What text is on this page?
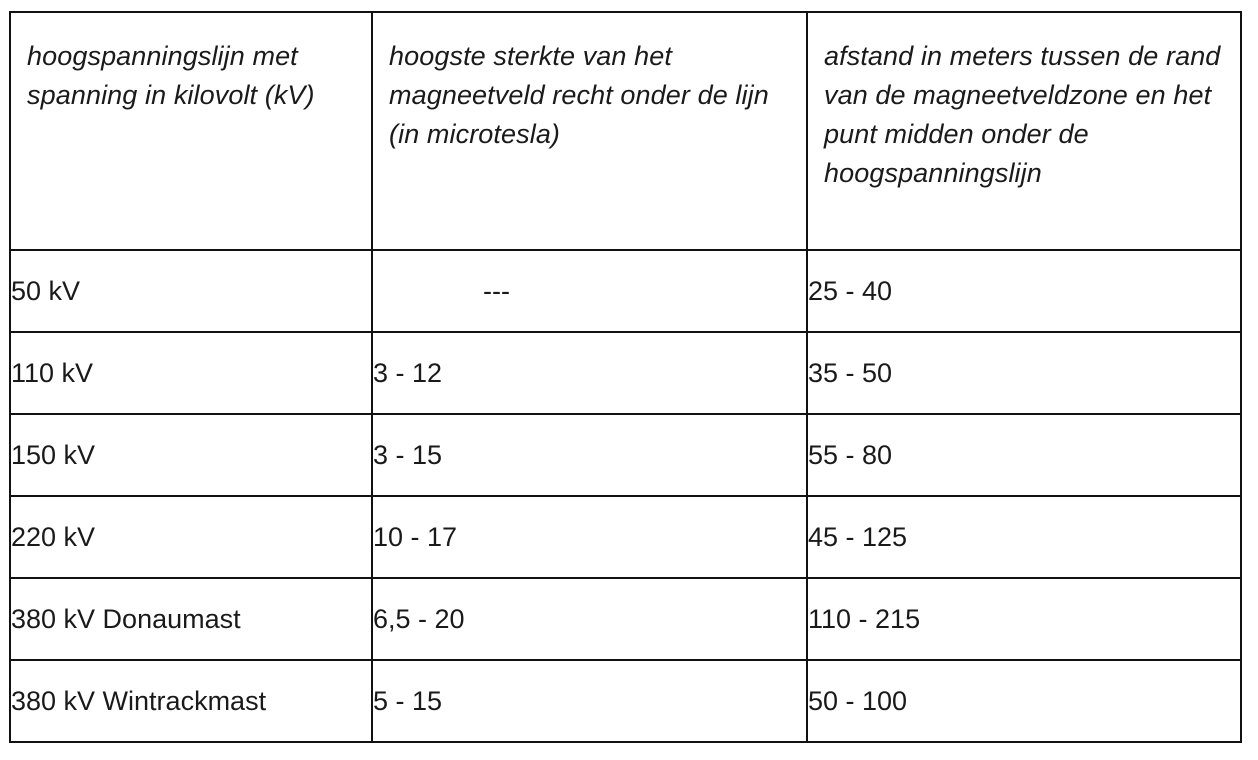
hoogspanningslijn met spanning in kilovolt (kV)	hoogste sterkte van het magneetveld recht onder de lijn (in microtesla)	afstand in meters tussen de rand van de magneetveldzone en het punt midden onder de hoogspanningslijn
50 kV	---	25 - 40
110 kV	3 - 12	35 - 50
150 kV	3 - 15	55 - 80
220 kV	10 - 17	45 - 125
380 kV Donaumast	6,5 - 20	110 - 215
380 kV Wintrackmast	5 - 15	50 - 100
